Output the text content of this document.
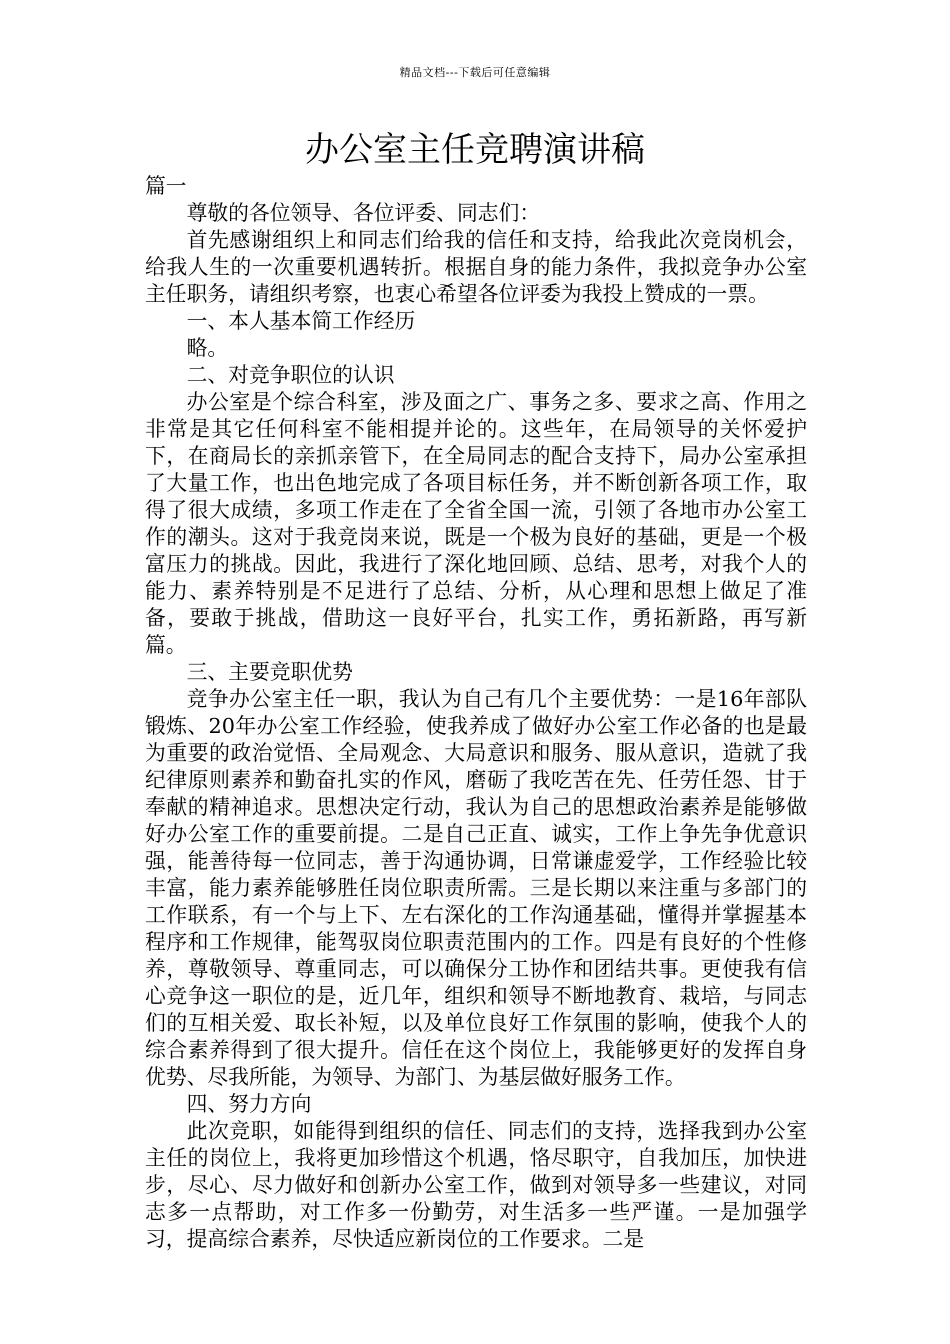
精品文档---下载后可任意编辑
办公室主任竞聘演讲稿

篇一

尊敬的各位领导、各位评委、同志们：

首先感谢组织上和同志们给我的信任和支持，给我此次竞岗机会，给我人生的一次重要机遇转折。根据自身的能力条件，我拟竞争办公室主任职务，请组织考察，也衷心希望各位评委为我投上赞成的一票。

一、本人基本简工作经历

略。

二、对竞争职位的认识

办公室是个综合科室，涉及面之广、事务之多、要求之高、作用之非常是其它任何科室不能相提并论的。这些年，在局领导的关怀爱护下，在商局长的亲抓亲管下，在全局同志的配合支持下，局办公室承担了大量工作，也出色地完成了各项目标任务，并不断创新各项工作，取得了很大成绩，多项工作走在了全省全国一流，引领了各地市办公室工作的潮头。这对于我竞岗来说，既是一个极为良好的基础，更是一个极富压力的挑战。因此，我进行了深化地回顾、总结、思考，对我个人的能力、素养特别是不足进行了总结、分析，从心理和思想上做足了准备，要敢于挑战，借助这一良好平台，扎实工作，勇拓新路，再写新篇。

三、主要竞职优势

竞争办公室主任一职，我认为自己有几个主要优势：一是16年部队锻炼、20年办公室工作经验，使我养成了做好办公室工作必备的也是最为重要的政治觉悟、全局观念、大局意识和服务、服从意识，造就了我纪律原则素养和勤奋扎实的作风，磨砺了我吃苦在先、任劳任怨、甘于奉献的精神追求。思想决定行动，我认为自己的思想政治素养是能够做好办公室工作的重要前提。二是自己正直、诚实，工作上争先争优意识强，能善待每一位同志，善于沟通协调，日常谦虚爱学，工作经验比较丰富，能力素养能够胜任岗位职责所需。三是长期以来注重与多部门的工作联系，有一个与上下、左右深化的工作沟通基础，懂得并掌握基本程序和工作规律，能驾驭岗位职责范围内的工作。四是有良好的个性修养，尊敬领导、尊重同志，可以确保分工协作和团结共事。更使我有信心竞争这一职位的是，近几年，组织和领导不断地教育、栽培，与同志们的互相关爱、取长补短，以及单位良好工作氛围的影响，使我个人的综合素养得到了很大提升。信任在这个岗位上，我能够更好的发挥自身优势、尽我所能，为领导、为部门、为基层做好服务工作。

四、努力方向

此次竞职，如能得到组织的信任、同志们的支持，选择我到办公室主任的岗位上，我将更加珍惜这个机遇，恪尽职守，自我加压，加快进步，尽心、尽力做好和创新办公室工作，做到对领导多一些建议，对同志多一点帮助，对工作多一份勤劳，对生活多一些严谨。一是加强学习，提高综合素养，尽快适应新岗位的工作要求。二是
